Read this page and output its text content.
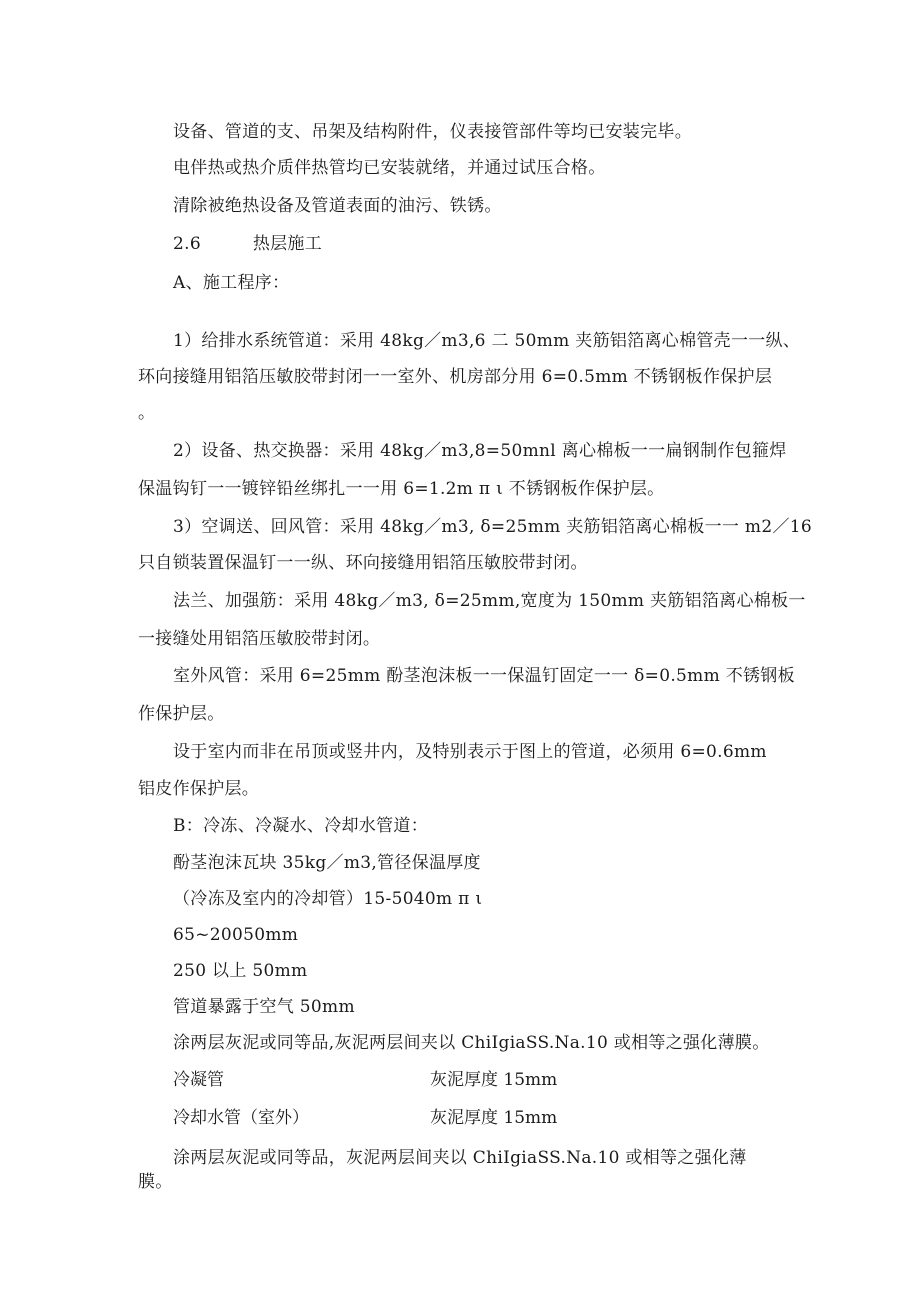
设备、管道的支、吊架及结构附件，仪表接管部件等均已安装完毕。
电伴热或热介质伴热管均已安装就绪，并通过试压合格。
清除被绝热设备及管道表面的油污、铁锈。
2.6　　　热层施工
A、施工程序：
1）给排水系统管道：采用 48kg／m3,6 二 50mm 夹筋铝箔离心棉管壳一一纵、
环向接缝用铝箔压敏胶带封闭一一室外、机房部分用 6=0.5mm 不锈钢板作保护层
。
2）设备、热交换器：采用 48kg／m3,8=50mnl 离心棉板一一扁钢制作包箍焊
保温钩钉一一镀锌铅丝绑扎一一用 6=1.2m π ι 不锈钢板作保护层。
3）空调送、回风管：采用 48kg／m3, δ=25mm 夹筋铝箔离心棉板一一 m2／16
只自锁装置保温钉一一纵、环向接缝用铝箔压敏胶带封闭。
法兰、加强筋：采用 48kg／m3, δ=25mm,宽度为 150mm 夹筋铝箔离心棉板一
一接缝处用铝箔压敏胶带封闭。
室外风管：采用 6=25mm 酚茎泡沫板一一保温钉固定一一 δ=0.5mm 不锈钢板
作保护层。
设于室内而非在吊顶或竖井内，及特别表示于图上的管道，必须用 6=0.6mm
铝皮作保护层。
B：冷冻、冷凝水、冷却水管道：
酚茎泡沫瓦块 35kg／m3,管径保温厚度
（冷冻及室内的冷却管）15-5040m π ι
65~20050mm
250 以上 50mm
管道暴露于空气 50mm
涂两层灰泥或同等品,灰泥两层间夹以 ChiIgiaSS.Na.10 或相等之强化薄膜。
冷凝管	灰泥厚度 15mm
冷却水管（室外）	灰泥厚度 15mm
涂两层灰泥或同等品，灰泥两层间夹以 ChiIgiaSS.Na.10 或相等之强化薄
膜。
